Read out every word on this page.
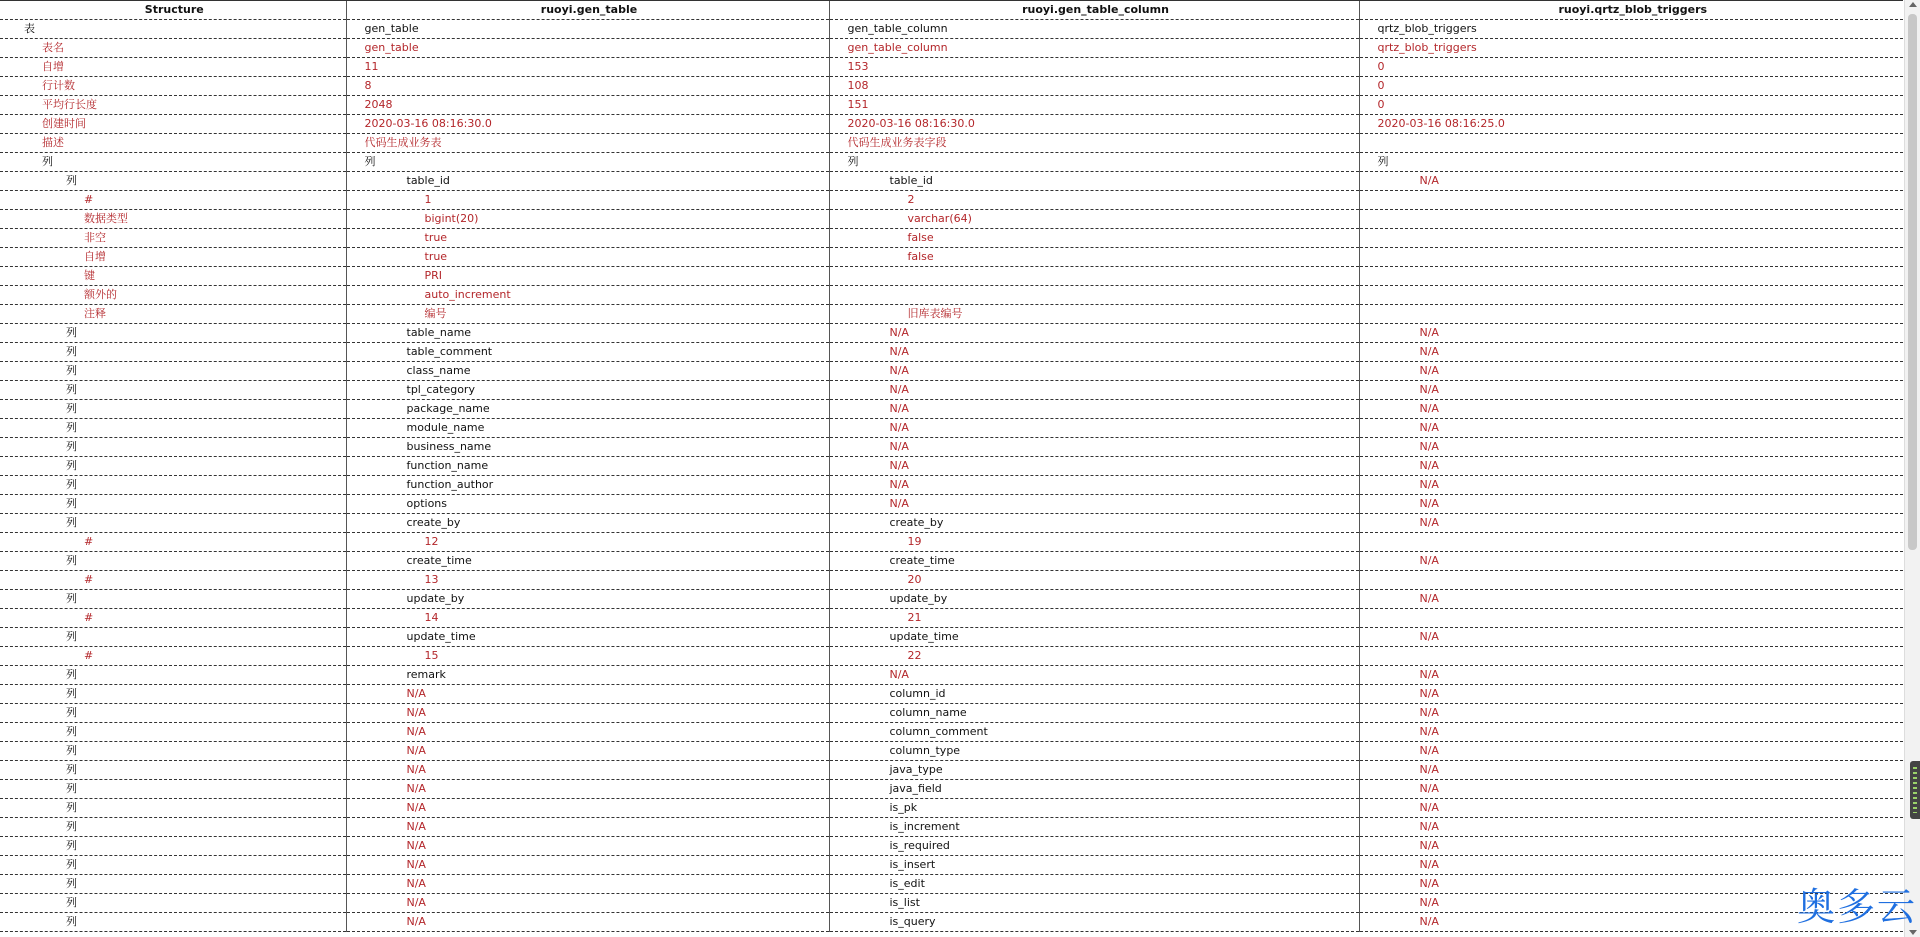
Structure	ruoyi.gen_table	ruoyi.gen_table_column	ruoyi.qrtz_blob_triggers
表	gen_table	gen_table_column	qrtz_blob_triggers
表名	gen_table	gen_table_column	qrtz_blob_triggers
自增	11	153	0
行计数	8	108	0
平均行长度	2048	151	0
创建时间	2020-03-16 08:16:30.0	2020-03-16 08:16:30.0	2020-03-16 08:16:25.0
描述	代码生成业务表	代码生成业务表字段	
列	列	列	列
列	table_id	table_id	N/A
#	1	2	
数据类型	bigint(20)	varchar(64)	
非空	true	false	
自增	true	false	
键	PRI		
额外的	auto_increment		
注释	编号	旧库表编号	
列	table_name	N/A	N/A
列	table_comment	N/A	N/A
列	class_name	N/A	N/A
列	tpl_category	N/A	N/A
列	package_name	N/A	N/A
列	module_name	N/A	N/A
列	business_name	N/A	N/A
列	function_name	N/A	N/A
列	function_author	N/A	N/A
列	options	N/A	N/A
列	create_by	create_by	N/A
#	12	19	
列	create_time	create_time	N/A
#	13	20	
列	update_by	update_by	N/A
#	14	21	
列	update_time	update_time	N/A
#	15	22	
列	remark	N/A	N/A
列	N/A	column_id	N/A
列	N/A	column_name	N/A
列	N/A	column_comment	N/A
列	N/A	column_type	N/A
列	N/A	java_type	N/A
列	N/A	java_field	N/A
列	N/A	is_pk	N/A
列	N/A	is_increment	N/A
列	N/A	is_required	N/A
列	N/A	is_insert	N/A
列	N/A	is_edit	N/A
列	N/A	is_list	N/A
列	N/A	is_query	N/A	奥多云
